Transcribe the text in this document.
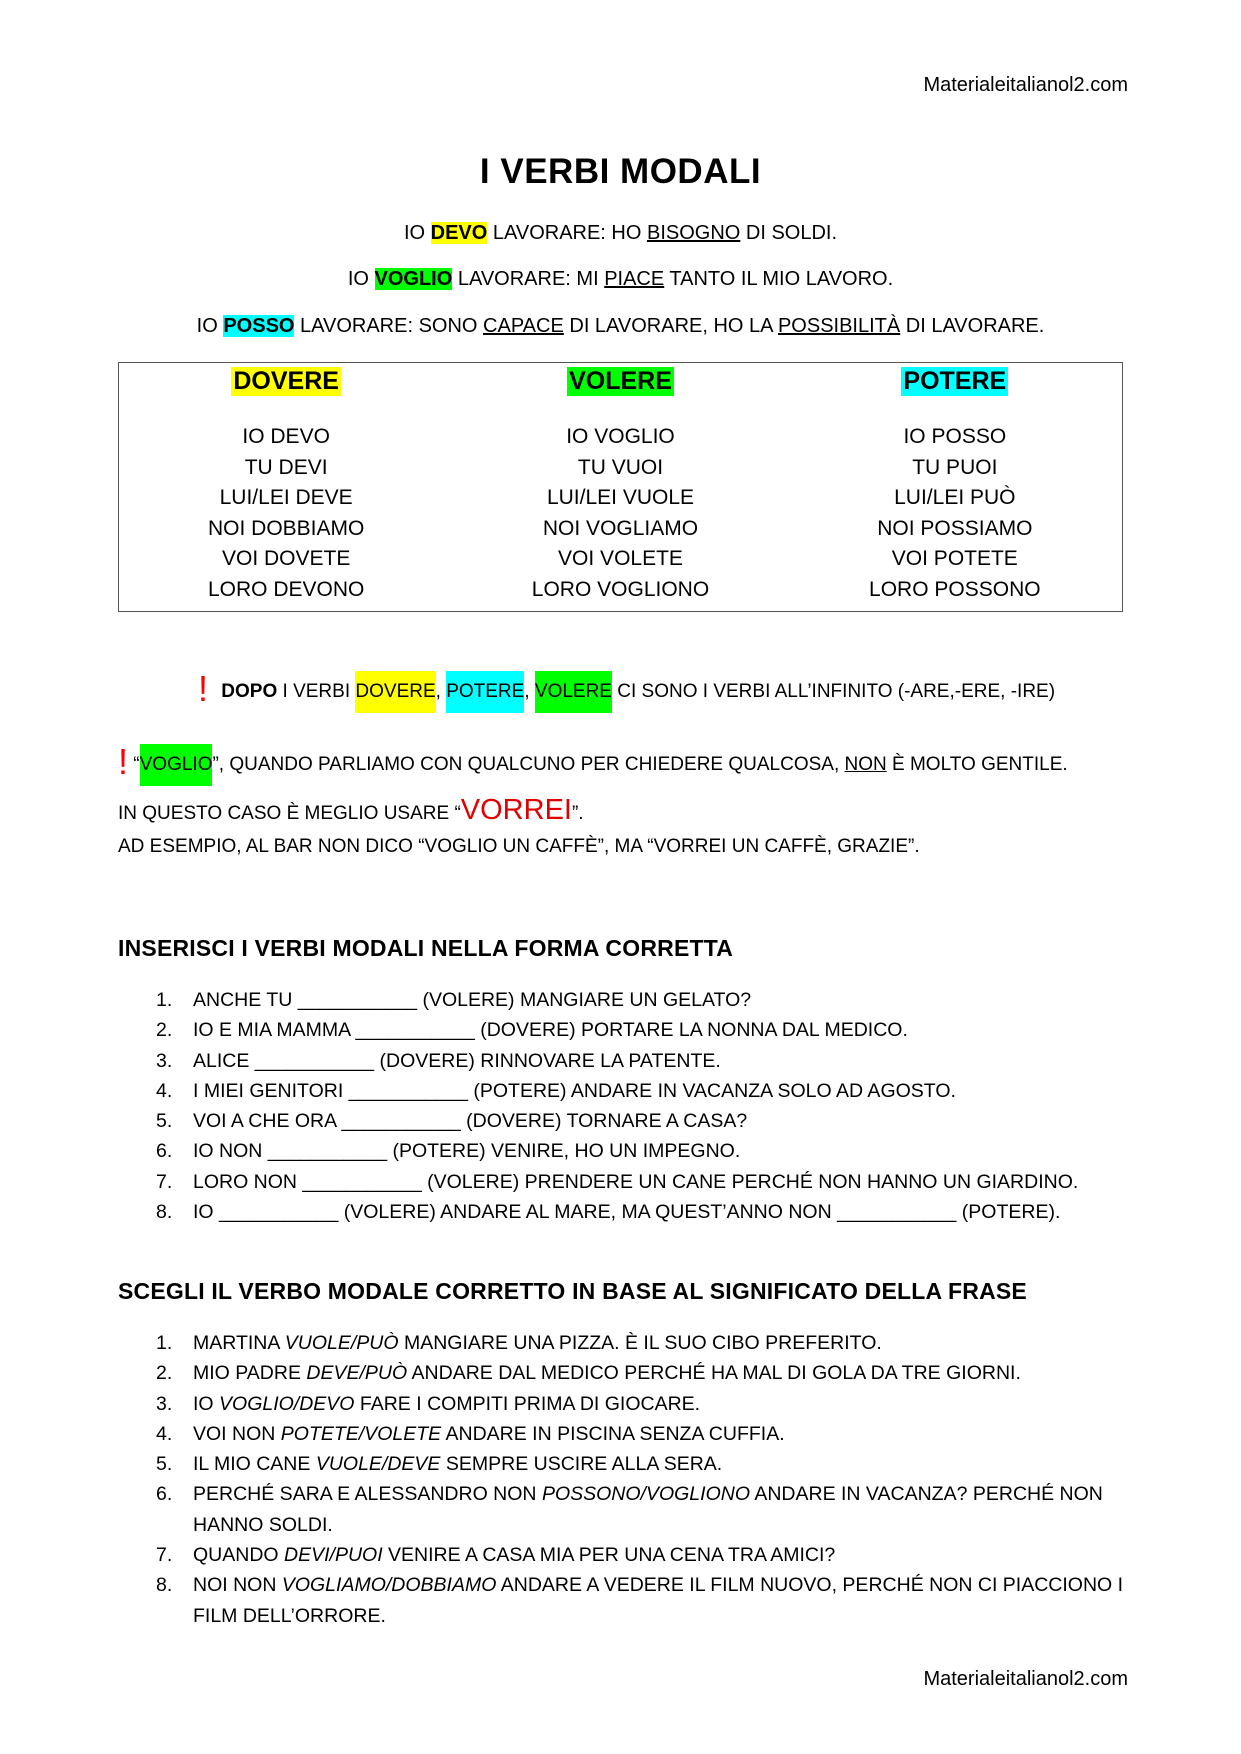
Materialeitalianol2.com
I VERBI MODALI
IO DEVO LAVORARE: HO BISOGNO DI SOLDI.
IO VOGLIO LAVORARE: MI PIACE TANTO IL MIO LAVORO.
IO POSSO LAVORARE: SONO CAPACE DI LAVORARE, HO LA POSSIBILITÀ DI LAVORARE.
DOVERE
IO DEVO
TU DEVI
LUI/LEI DEVE
NOI DOBBIAMO
VOI DOVETE
LORO DEVONO
VOLERE
IO VOGLIO
TU VUOI
LUI/LEI VUOLE
NOI VOGLIAMO
VOI VOLETE
LORO VOGLIONO
POTERE
IO POSSO
TU PUOI
LUI/LEI PUÒ
NOI POSSIAMO
VOI POTETE
LORO POSSONO
! DOPO I VERBI DOVERE, POTERE, VOLERE CI SONO I VERBI ALL’INFINITO (-ARE,-ERE, -IRE)
! “VOGLIO”, QUANDO PARLIAMO CON QUALCUNO PER CHIEDERE QUALCOSA, NON È MOLTO GENTILE.
IN QUESTO CASO È MEGLIO USARE “VORREI”.
AD ESEMPIO, AL BAR NON DICO “VOGLIO UN CAFFÈ”, MA “VORREI UN CAFFÈ, GRAZIE”.
INSERISCI I VERBI MODALI NELLA FORMA CORRETTA
1. ANCHE TU ___________ (VOLERE) MANGIARE UN GELATO?
2. IO E MIA MAMMA ___________ (DOVERE) PORTARE LA NONNA DAL MEDICO.
3. ALICE ___________ (DOVERE) RINNOVARE LA PATENTE.
4. I MIEI GENITORI ___________ (POTERE) ANDARE IN VACANZA SOLO AD AGOSTO.
5. VOI A CHE ORA ___________ (DOVERE) TORNARE A CASA?
6. IO NON ___________ (POTERE) VENIRE, HO UN IMPEGNO.
7. LORO NON ___________ (VOLERE) PRENDERE UN CANE PERCHÉ NON HANNO UN GIARDINO.
8. IO ___________ (VOLERE) ANDARE AL MARE, MA QUEST’ANNO NON ___________ (POTERE).
SCEGLI IL VERBO MODALE CORRETTO IN BASE AL SIGNIFICATO DELLA FRASE
1. MARTINA VUOLE/PUÒ MANGIARE UNA PIZZA. È IL SUO CIBO PREFERITO.
2. MIO PADRE DEVE/PUÒ ANDARE DAL MEDICO PERCHÉ HA MAL DI GOLA DA TRE GIORNI.
3. IO VOGLIO/DEVO FARE I COMPITI PRIMA DI GIOCARE.
4. VOI NON POTETE/VOLETE ANDARE IN PISCINA SENZA CUFFIA.
5. IL MIO CANE VUOLE/DEVE SEMPRE USCIRE ALLA SERA.
6. PERCHÉ SARA E ALESSANDRO NON POSSONO/VOGLIONO ANDARE IN VACANZA? PERCHÉ NON
HANNO SOLDI.
7. QUANDO DEVI/PUOI VENIRE A CASA MIA PER UNA CENA TRA AMICI?
8. NOI NON VOGLIAMO/DOBBIAMO ANDARE A VEDERE IL FILM NUOVO, PERCHÉ NON CI PIACCIONO I
FILM DELL’ORRORE.
Materialeitalianol2.com
